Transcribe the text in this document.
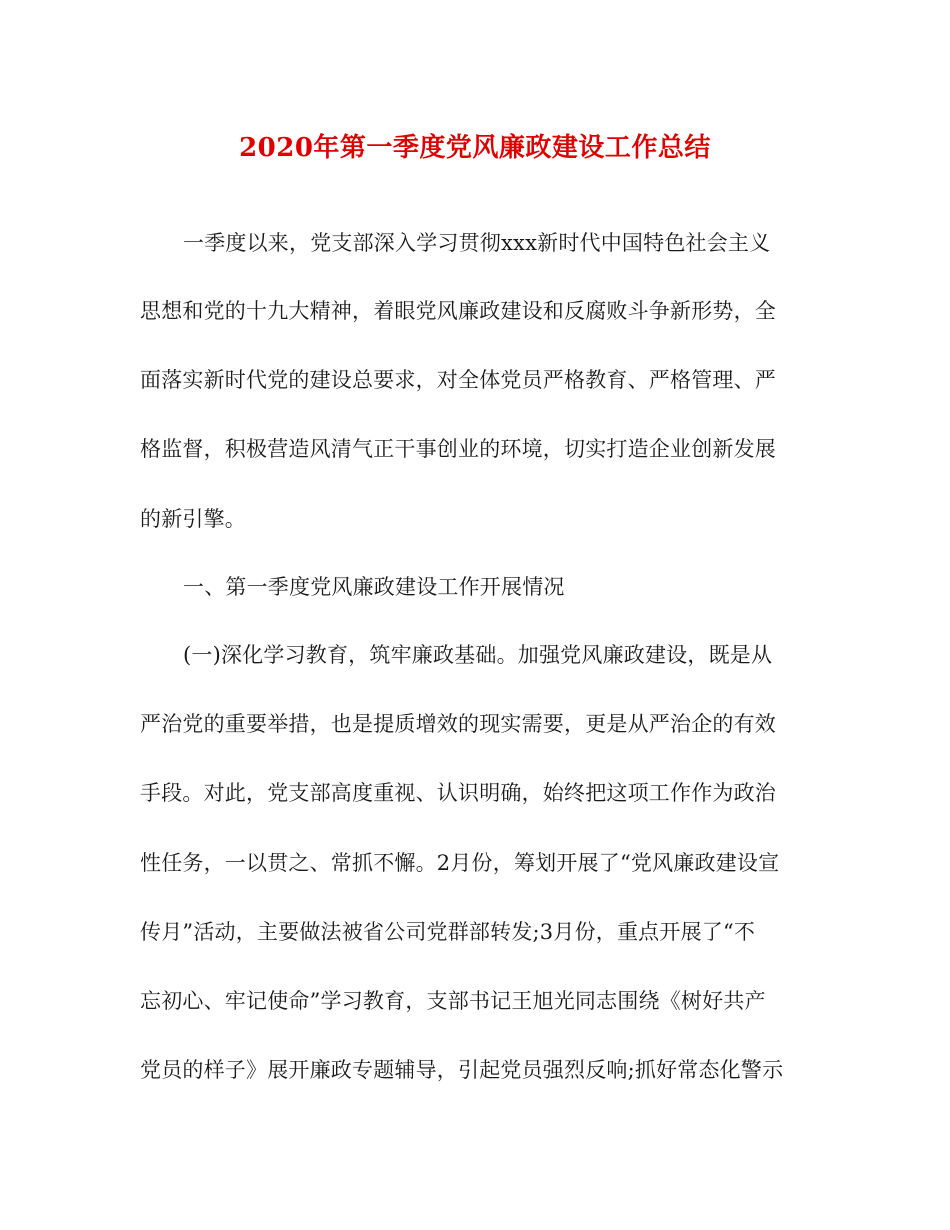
2020年第一季度党风廉政建设工作总结
一季度以来，党支部深入学习贯彻xxx新时代中国特色社会主义
思想和党的十九大精神，着眼党风廉政建设和反腐败斗争新形势，全
面落实新时代党的建设总要求，对全体党员严格教育、严格管理、严
格监督，积极营造风清气正干事创业的环境，切实打造企业创新发展
的新引擎。
一、第一季度党风廉政建设工作开展情况
(一)深化学习教育，筑牢廉政基础。加强党风廉政建设，既是从
严治党的重要举措，也是提质增效的现实需要，更是从严治企的有效
手段。对此，党支部高度重视、认识明确，始终把这项工作作为政治
性任务，一以贯之、常抓不懈。2月份，筹划开展了“党风廉政建设宣
传月”活动，主要做法被省公司党群部转发;3月份，重点开展了“不
忘初心、牢记使命”学习教育，支部书记王旭光同志围绕《树好共产
党员的样子》展开廉政专题辅导，引起党员强烈反响;抓好常态化警示
